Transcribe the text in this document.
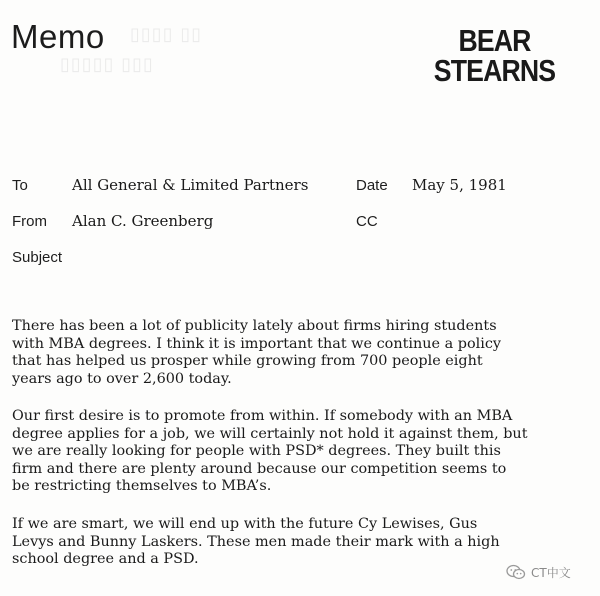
▯▯▯▯ ▯▯
▯▯▯▯▯ ▯▯▯
Memo	BEAR
STEARNS
To	All General & Limited Partners	Date May 5, 1981
From Alan C. Greenberg	CC
Subject

There has been a lot of publicity lately about firms hiring students
with MBA degrees. I think it is important that we continue a policy
that has helped us prosper while growing from 700 people eight
years ago to over 2,600 today.

Our first desire is to promote from within. If somebody with an MBA
degree applies for a job, we will certainly not hold it against them, but
we are really looking for people with PSD* degrees. They built this
firm and there are plenty around because our competition seems to
be restricting themselves to MBA’s.

If we are smart, we will end up with the future Cy Lewises, Gus
Levys and Bunny Laskers. These men made their mark with a high
school degree and a PSD.

CT中文
